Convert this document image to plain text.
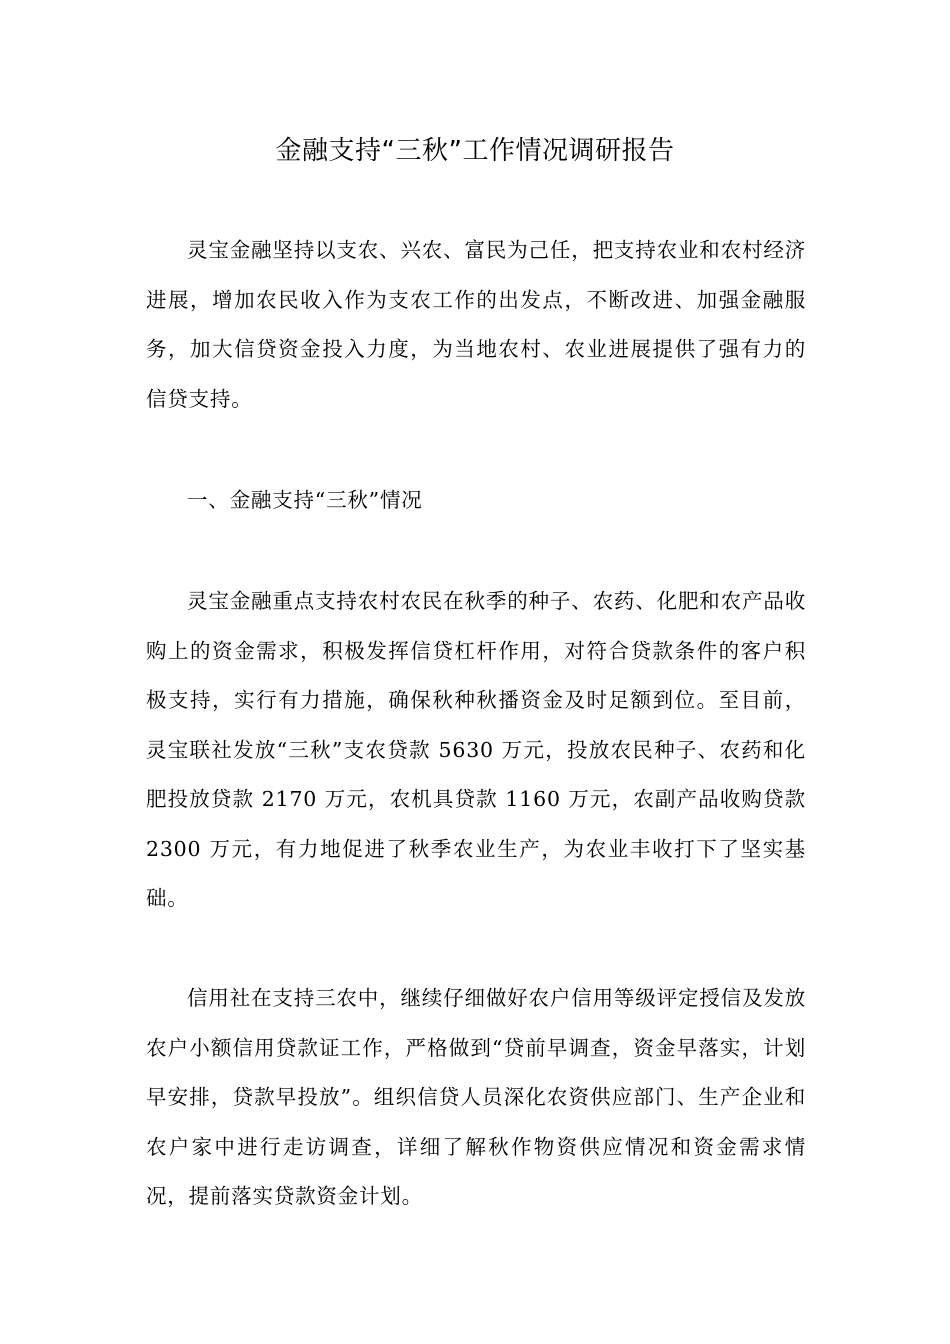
金融支持“三秋”工作情况调研报告

灵宝金融坚持以支农、兴农、富民为己任，把支持农业和农村经济进展，增加农民收入作为支农工作的出发点，不断改进、加强金融服务，加大信贷资金投入力度，为当地农村、农业进展提供了强有力的信贷支持。

一、金融支持“三秋”情况

灵宝金融重点支持农村农民在秋季的种子、农药、化肥和农产品收购上的资金需求，积极发挥信贷杠杆作用，对符合贷款条件的客户积极支持，实行有力措施，确保秋种秋播资金及时足额到位。至目前，灵宝联社发放“三秋”支农贷款 5630 万元，投放农民种子、农药和化肥投放贷款 2170 万元，农机具贷款 1160 万元，农副产品收购贷款 2300 万元，有力地促进了秋季农业生产，为农业丰收打下了坚实基础。

信用社在支持三农中，继续仔细做好农户信用等级评定授信及发放农户小额信用贷款证工作，严格做到“贷前早调查，资金早落实，计划早安排，贷款早投放”。组织信贷人员深化农资供应部门、生产企业和农户家中进行走访调查，详细了解秋作物资供应情况和资金需求情况，提前落实贷款资金计划。
